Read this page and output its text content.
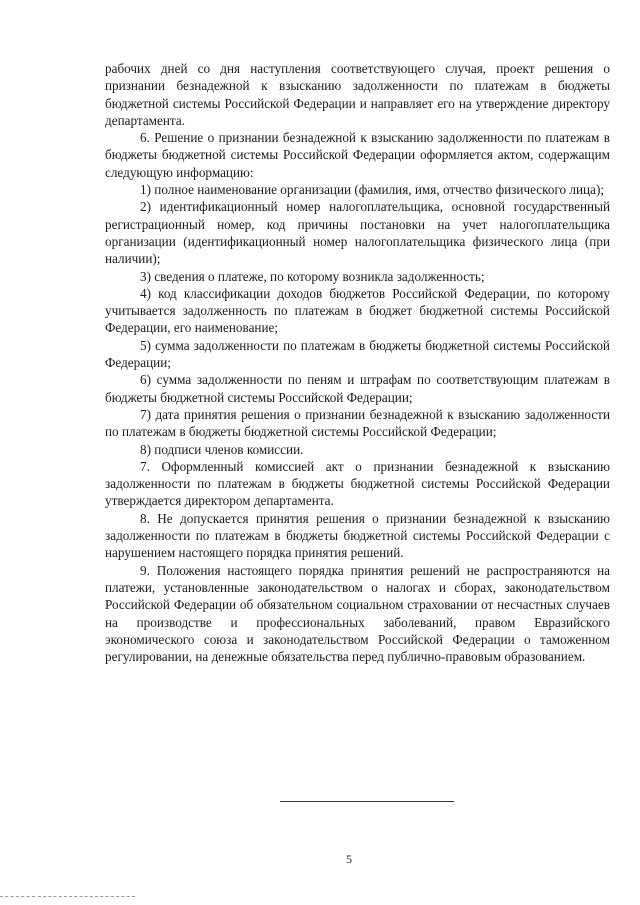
рабочих дней со дня наступления соответствующего случая, проект решения о признании безнадежной к взысканию задолженности по платежам в бюджеты бюджетной системы Российской Федерации и направляет его на утверждение директору департамента.

6. Решение о признании безнадежной к взысканию задолженности по платежам в бюджеты бюджетной системы Российской Федерации оформляется актом, содержащим следующую информацию:

1) полное наименование организации (фамилия, имя, отчество физического лица);

2) идентификационный номер налогоплательщика, основной государственный регистрационный номер, код причины постановки на учет налогоплательщика организации (идентификационный номер налогоплательщика физического лица (при наличии);

3) сведения о платеже, по которому возникла задолженность;

4) код классификации доходов бюджетов Российской Федерации, по которому учитывается задолженность по платежам в бюджет бюджетной системы Российской Федерации, его наименование;

5) сумма задолженности по платежам в бюджеты бюджетной системы Российской Федерации;

6) сумма задолженности по пеням и штрафам по соответствующим платежам в бюджеты бюджетной системы Российской Федерации;

7) дата принятия решения о признании безнадежной к взысканию задолженности по платежам в бюджеты бюджетной системы Российской Федерации;

8) подписи членов комиссии.

7. Оформленный комиссией акт о признании безнадежной к взысканию задолженности по платежам в бюджеты бюджетной системы Российской Федерации утверждается директором департамента.

8. Не допускается принятия решения о признании безнадежной к взысканию задолженности по платежам в бюджеты бюджетной системы Российской Федерации с нарушением настоящего порядка принятия решений.

9. Положения настоящего порядка принятия решений не распространяются на платежи, установленные законодательством о налогах и сборах, законодательством Российской Федерации об обязательном социальном страховании от несчастных случаев на производстве и профессиональных заболеваний, правом Евразийского экономического союза и законодательством Российской Федерации о таможенном регулировании, на денежные обязательства перед публично-правовым образованием.

5
